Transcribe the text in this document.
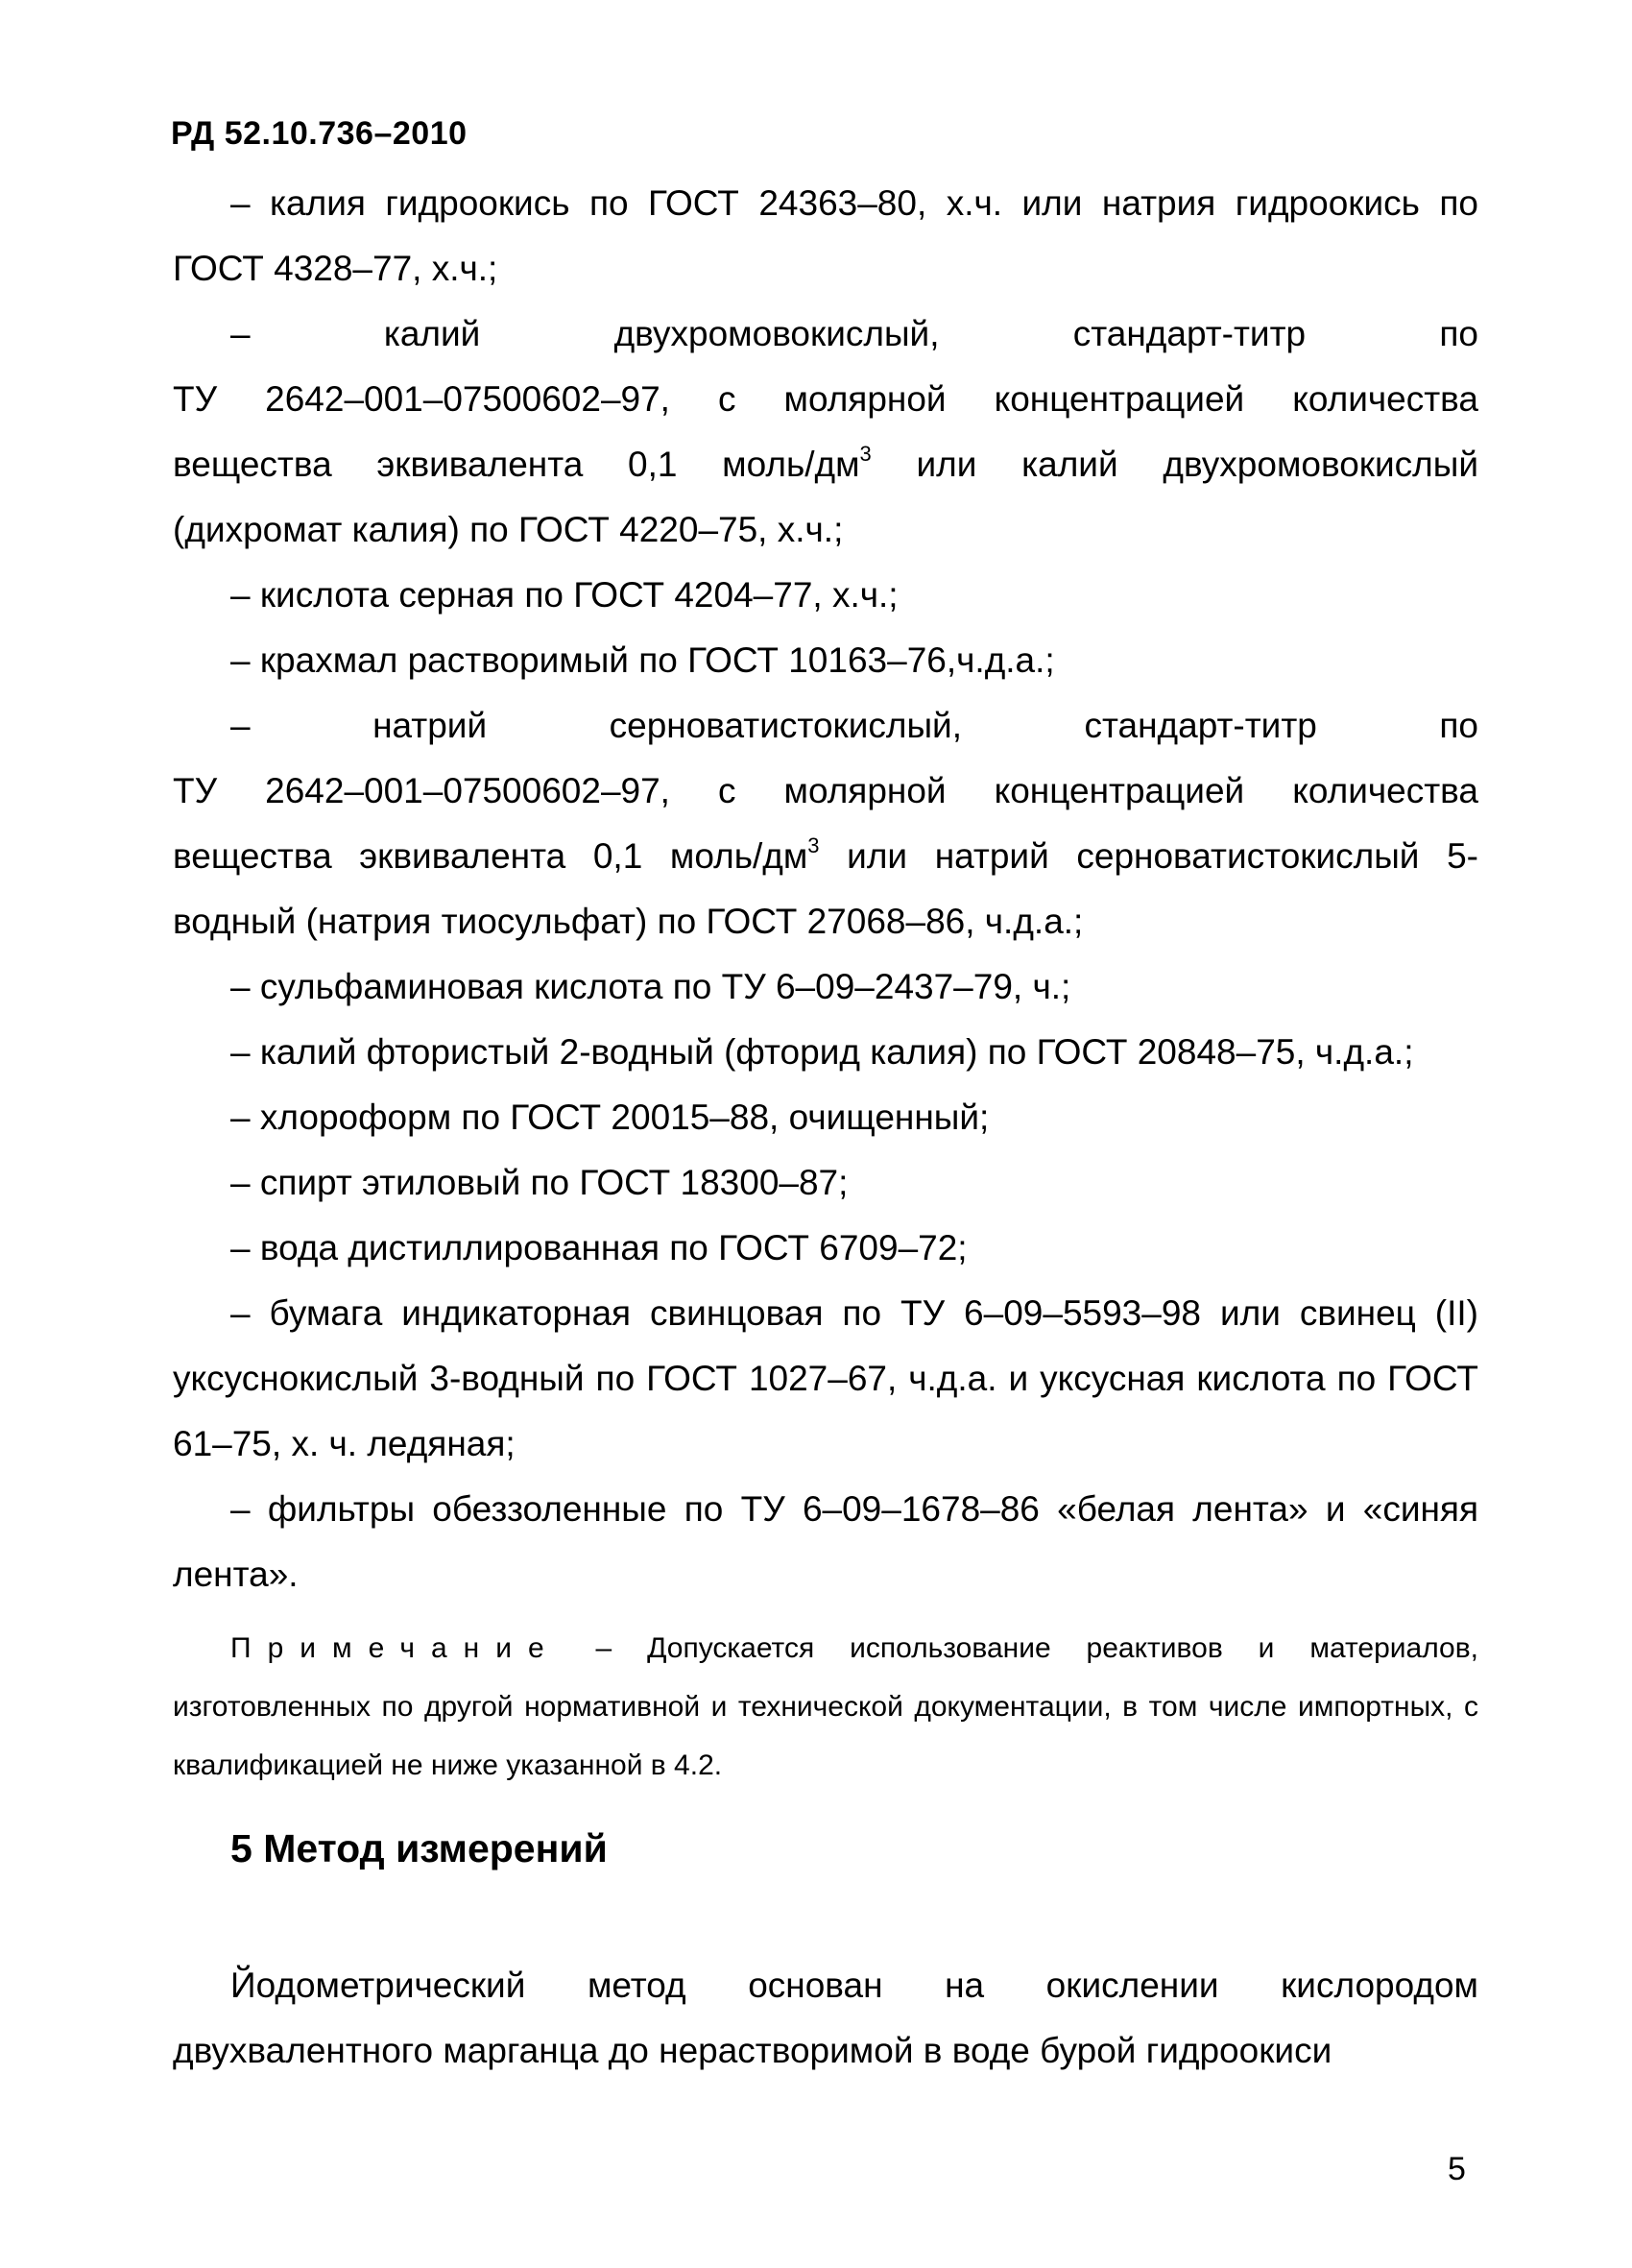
РД 52.10.736–2010

– калия гидроокись по ГОСТ 24363–80, х.ч. или натрия гидроокись по ГОСТ 4328–77, х.ч.;

– калий двухромовокислый, стандарт-титр по

ТУ 2642–001–07500602–97, с молярной концентрацией количества

вещества эквивалента 0,1 моль/$дм^3$ или калий двухромовокислый

(дихромат калия) по ГОСТ 4220–75, х.ч.;

– кислота серная по ГОСТ 4204–77, х.ч.;

– крахмал растворимый по ГОСТ 10163–76,ч.д.а.;

– натрий серноватистокислый, стандарт-титр по

ТУ 2642–001–07500602–97, с молярной концентрацией количества

вещества эквивалента 0,1 моль/$дм^3$ или натрий серноватистокислый 5-

водный (натрия тиосульфат) по ГОСТ 27068–86, ч.д.а.;

– сульфаминовая кислота по ТУ 6–09–2437–79, ч.;

– калий фтористый 2-водный (фторид калия) по ГОСТ 20848–75, ч.д.а.;

– хлороформ по ГОСТ 20015–88, очищенный;

– спирт этиловый по ГОСТ 18300–87;

– вода дистиллированная по ГОСТ 6709–72;

– бумага индикаторная свинцовая по ТУ 6–09–5593–98 или свинец (II) уксуснокислый 3-водный по ГОСТ 1027–67, ч.д.а. и уксусная кислота по ГОСТ 61–75, х. ч. ледяная;

– фильтры обеззоленные по ТУ 6–09–1678–86 «белая лента» и «синяя лента».

Примечание – Допускается использование реактивов и материалов, изготовленных по другой нормативной и технической документации, в том числе импортных, с квалификацией не ниже указанной в 4.2.

5 Метод измерений

Йодометрический метод основан на окислении кислородом двухвалентного марганца до нерастворимой в воде бурой гидроокиси

5
